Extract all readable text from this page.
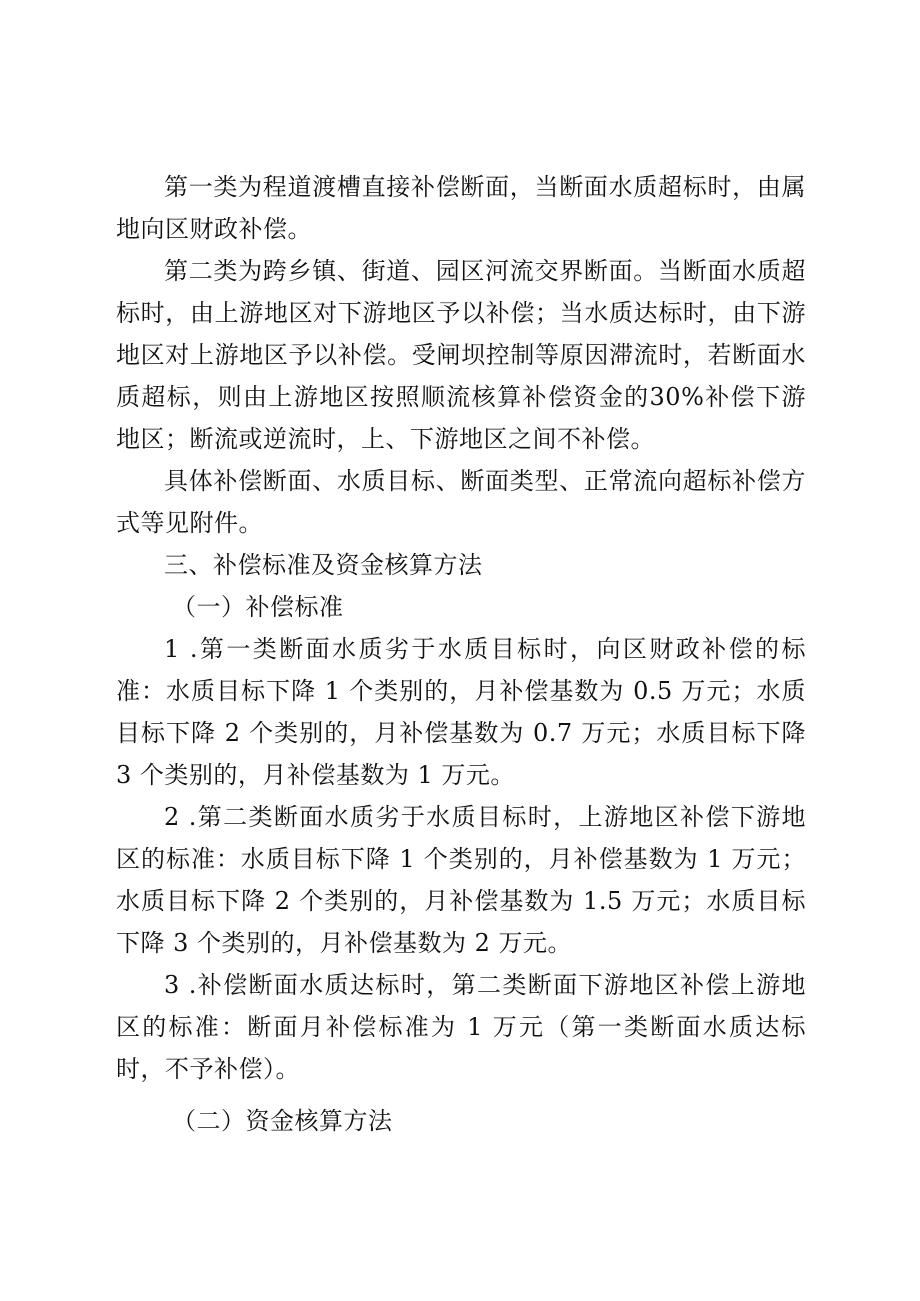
第一类为程道渡槽直接补偿断面，当断面水质超标时，由属地向区财政补偿。

第二类为跨乡镇、街道、园区河流交界断面。当断面水质超标时，由上游地区对下游地区予以补偿；当水质达标时，由下游地区对上游地区予以补偿。受闸坝控制等原因滞流时，若断面水质超标，则由上游地区按照顺流核算补偿资金的30%补偿下游地区；断流或逆流时，上、下游地区之间不补偿。

具体补偿断面、水质目标、断面类型、正常流向超标补偿方式等见附件。

三、补偿标准及资金核算方法

（一）补偿标准

1 .第一类断面水质劣于水质目标时，向区财政补偿的标准：水质目标下降 1 个类别的，月补偿基数为 0.5 万元；水质目标下降 2 个类别的，月补偿基数为 0.7 万元；水质目标下降 3 个类别的，月补偿基数为 1 万元。

2 .第二类断面水质劣于水质目标时，上游地区补偿下游地区的标准：水质目标下降 1 个类别的，月补偿基数为 1 万元；水质目标下降 2 个类别的，月补偿基数为 1.5 万元；水质目标下降 3 个类别的，月补偿基数为 2 万元。

3 .补偿断面水质达标时，第二类断面下游地区补偿上游地区的标准：断面月补偿标准为 1 万元（第一类断面水质达标时，不予补偿）。

（二）资金核算方法
